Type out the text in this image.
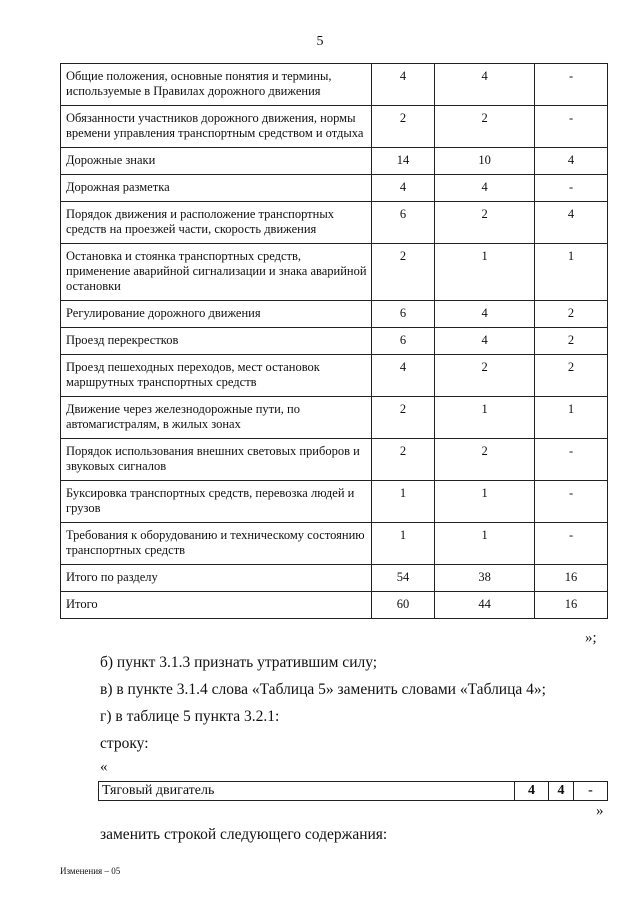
5
Общие положения, основные понятия и термины, используемые в Правилах дорожного движения	4	4	-
Обязанности участников дорожного движения, нормы времени управления транспортным средством и отдыха	2	2	-
Дорожные знаки	14	10	4
Дорожная разметка	4	4	-
Порядок движения и расположение транспортных средств на проезжей части, скорость движения	6	2	4
Остановка и стоянка транспортных средств, применение аварийной сигнализации и знака аварийной остановки	2	1	1
Регулирование дорожного движения	6	4	2
Проезд перекрестков	6	4	2
Проезд пешеходных переходов, мест остановок маршрутных транспортных средств	4	2	2
Движение через железнодорожные пути, по автомагистралям, в жилых зонах	2	1	1
Порядок использования внешних световых приборов и звуковых сигналов	2	2	-
Буксировка транспортных средств, перевозка людей и грузов	1	1	-
Требования к оборудованию и техническому состоянию транспортных средств	1	1	-
Итого по разделу	54	38	16
Итого	60	44	16
»;
б) пункт 3.1.3 признать утратившим силу;
в) в пункте 3.1.4 слова «Таблица 5» заменить словами «Таблица 4»;
г) в таблице 5 пункта 3.2.1:
строку:
«
Тяговый двигатель	4	4	-
»
заменить строкой следующего содержания:
Изменения – 05
